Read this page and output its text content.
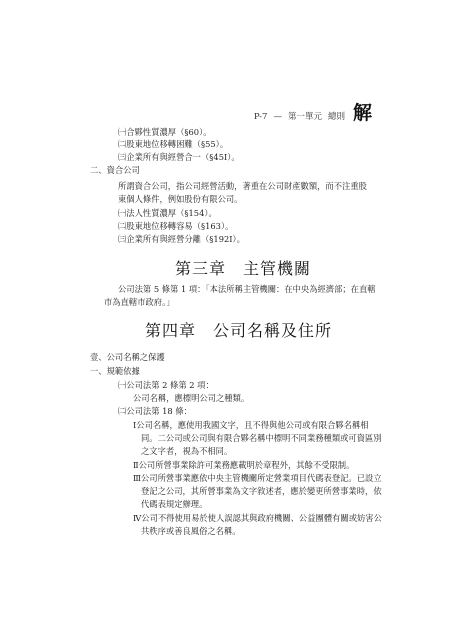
P-7 — 第一單元 總則 解
㈠合夥性質濃厚（§60）。
㈡股東地位移轉困難（§55）。
㈢企業所有與經營合一（§45Ⅰ）。
二、資合公司
所謂資合公司，指公司經營活動，著重在公司財產數額，而不注重股
東個人條件，例如股份有限公司。
㈠法人性質濃厚（§154）。
㈡股東地位移轉容易（§163）。
㈢企業所有與經營分離（§192Ⅰ）。
第三章　主管機關
公司法第 5 條第 1 項：「本法所稱主管機關：在中央為經濟部；在直轄
市為直轄市政府。」
第四章　公司名稱及住所
壹、公司名稱之保護
一、規範依據
㈠公司法第 2 條第 2 項：
公司名稱，應標明公司之種類。
㈡公司法第 18 條：
Ⅰ公司名稱，應使用我國文字，且不得與他公司或有限合夥名稱相
同。二公司或公司與有限合夥名稱中標明不同業務種類或可資區別
之文字者，視為不相同。
Ⅱ公司所營事業除許可業務應載明於章程外，其餘不受限制。
Ⅲ公司所營事業應依中央主管機關所定營業項目代碼表登記。已設立
登記之公司，其所營事業為文字敘述者，應於變更所營事業時，依
代碼表規定辦理。
Ⅳ公司不得使用易於使人誤認其與政府機關、公益團體有關或妨害公
共秩序或善良風俗之名稱。
